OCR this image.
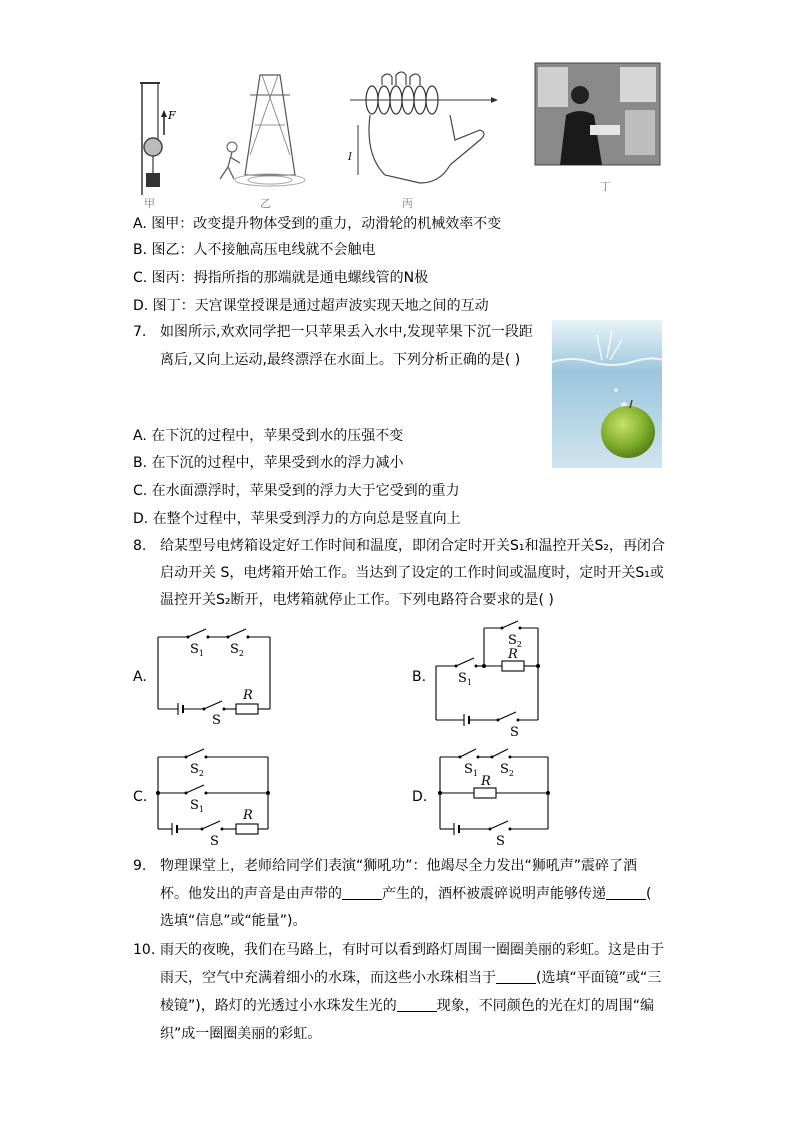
F
甲	乙
I
丙
丁
A. 图甲：改变提升物体受到的重力，动滑轮的机械效率不变
B. 图乙：人不接触高压电线就不会触电
C. 图丙：拇指所指的那端就是通电螺线管的N极
D. 图丁：天宫课堂授课是通过超声波实现天地之间的互动
7. 如图所示,欢欢同学把一只苹果丢入水中,发现苹果下沉一段距
离后,又向上运动,最终漂浮在水面上。下列分析正确的是( )
A. 在下沉的过程中，苹果受到水的压强不变
B. 在下沉的过程中，苹果受到水的浮力减小
C. 在水面漂浮时，苹果受到的浮力大于它受到的重力
D. 在整个过程中，苹果受到浮力的方向总是竖直向上
8. 给某型号电烤箱设定好工作时间和温度，即闭合定时开关S₁和温控开关S₂，再闭合
启动开关 S，电烤箱开始工作。当达到了设定的工作时间或温度时，定时开关S₁或
温控开关S₂断开，电烤箱就停止工作。下列电路符合要求的是( )
A.	B.
C.	D.
$S_1$ $S_2$
S
R
$S_2$
R
$S_1$
S
$S_2$
$S_1$
S
R
$S_1$ $S_2$
R
S
9. 物理课堂上，老师给同学们表演“狮吼功”：他竭尽全力发出“狮吼声”震碎了酒
杯。他发出的声音是由声带的	产生的，酒杯被震碎说明声能够传递	(
选填“信息”或“能量”)。
10. 雨天的夜晚，我们在马路上，有时可以看到路灯周围一圈圈美丽的彩虹。这是由于
雨天，空气中充满着细小的水珠，而这些小水珠相当于	(选填“平面镜”或“三
棱镜”)，路灯的光透过小水珠发生光的	现象，不同颜色的光在灯的周围“编
织”成一圈圈美丽的彩虹。
